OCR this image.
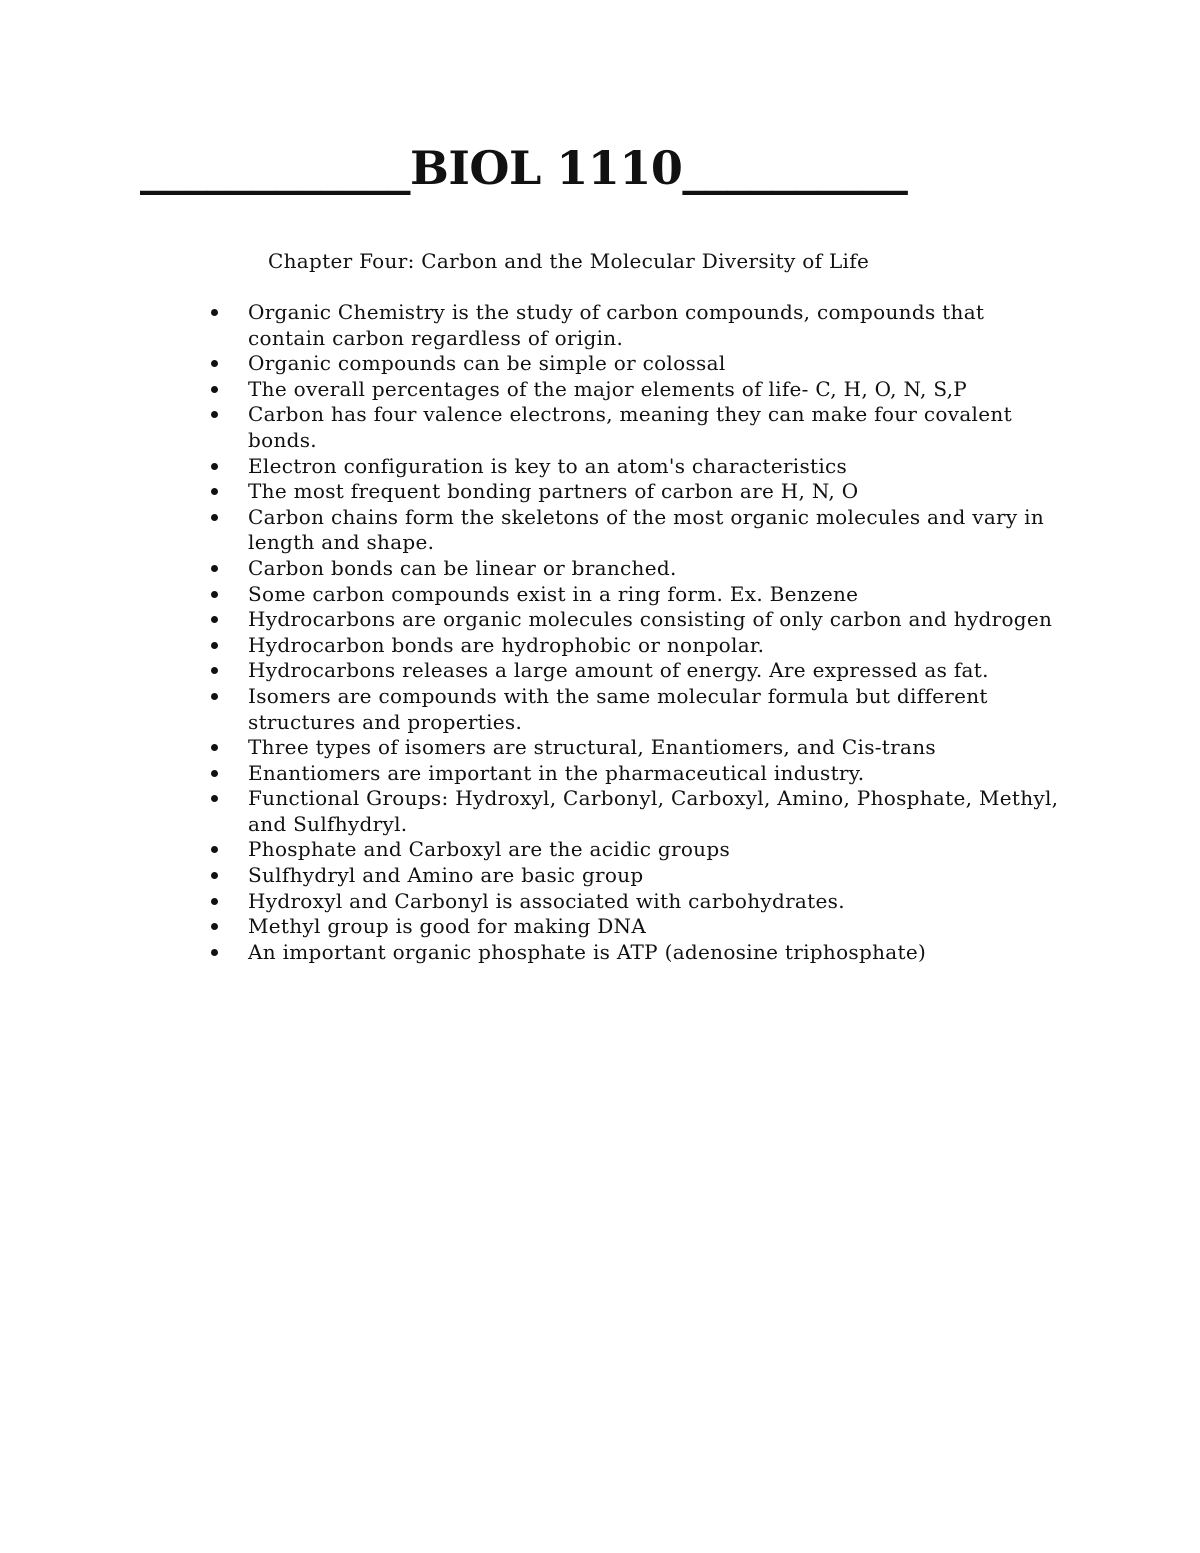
____________BIOL 1110__________
Chapter Four: Carbon and the Molecular Diversity of Life
Organic Chemistry is the study of carbon compounds, compounds that contain carbon regardless of origin.
Organic compounds can be simple or colossal
The overall percentages of the major elements of life- C, H, O, N, S,P
Carbon has four valence electrons, meaning they can make four covalent bonds.
Electron configuration is key to an atom's characteristics
The most frequent bonding partners of carbon are H, N, O
Carbon chains form the skeletons of the most organic molecules and vary in length and shape.
Carbon bonds can be linear or branched.
Some carbon compounds exist in a ring form. Ex. Benzene
Hydrocarbons are organic molecules consisting of only carbon and hydrogen
Hydrocarbon bonds are hydrophobic or nonpolar.
Hydrocarbons releases a large amount of energy. Are expressed as fat.
Isomers are compounds with the same molecular formula but different structures and properties.
Three types of isomers are structural, Enantiomers, and Cis-trans
Enantiomers are important in the pharmaceutical industry.
Functional Groups: Hydroxyl, Carbonyl, Carboxyl, Amino, Phosphate, Methyl, and Sulfhydryl.
Phosphate and Carboxyl are the acidic groups
Sulfhydryl and Amino are basic group
Hydroxyl and Carbonyl is associated with carbohydrates.
Methyl group is good for making DNA
An important organic phosphate is ATP (adenosine triphosphate)
